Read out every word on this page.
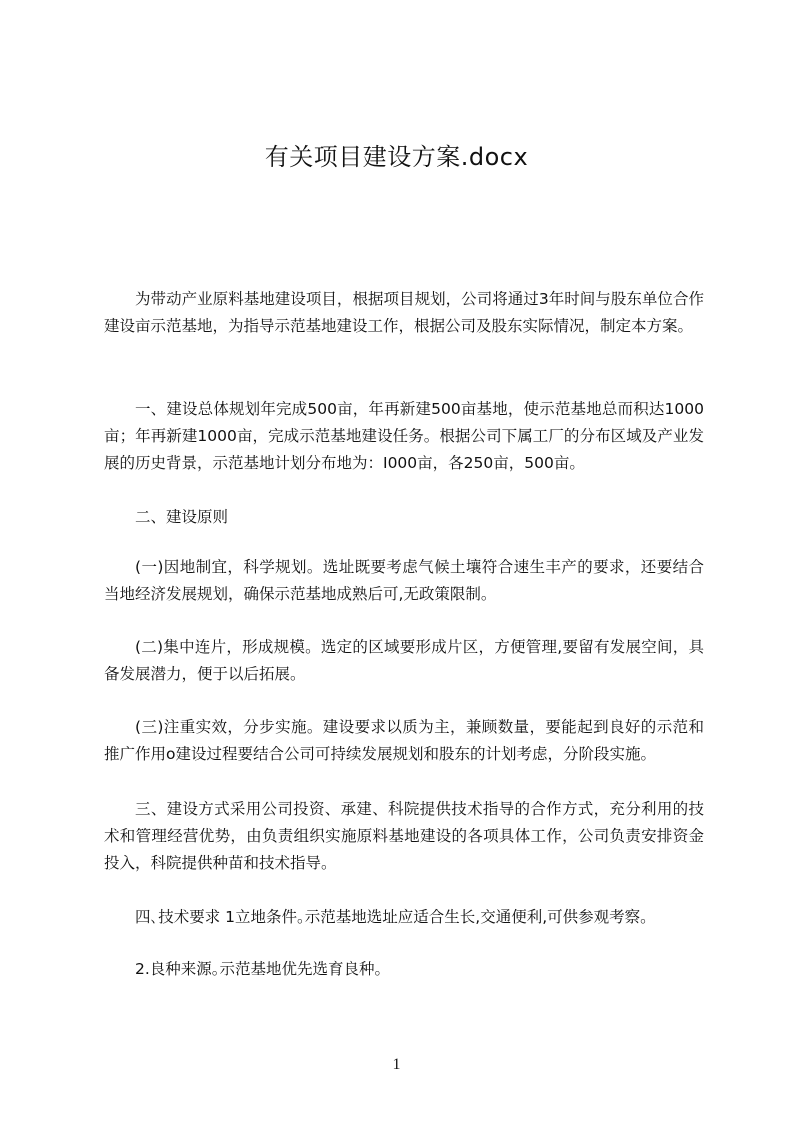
有关项目建设方案.docx

为带动产业原料基地建设项目，根据项目规划，公司将通过3年时间与股东单位合作建设亩示范基地，为指导示范基地建设工作，根据公司及股东实际情况，制定本方案。

一、建设总体规划年完成500亩，年再新建500亩基地，使示范基地总而积达1000亩；年再新建1000亩，完成示范基地建设任务。根据公司下属工厂的分布区域及产业发展的历史背景，示范基地计划分布地为：I000亩，各250亩，500亩。

二、建设原则

(一)因地制宜，科学规划。选址既要考虑气候土壤符合速生丰产的要求，还要结合当地经济发展规划，确保示范基地成熟后可,无政策限制。

(二)集中连片，形成规模。选定的区域要形成片区，方便管理,要留有发展空间，具备发展潜力，便于以后拓展。

(三)注重实效，分步实施。建设要求以质为主，兼顾数量，要能起到良好的示范和推广作用o建设过程要结合公司可持续发展规划和股东的计划考虑，分阶段实施。

三、建设方式采用公司投资、承建、科院提供技术指导的合作方式，充分利用的技术和管理经营优势，由负责组织实施原料基地建设的各项具体工作，公司负责安排资金投入，科院提供种苗和技术指导。

四､技术要求 1立地条件｡示范基地选址应适合生长,交通便利,可供参观考察｡

2.良种来源｡示范基地优先选育良种｡

1
